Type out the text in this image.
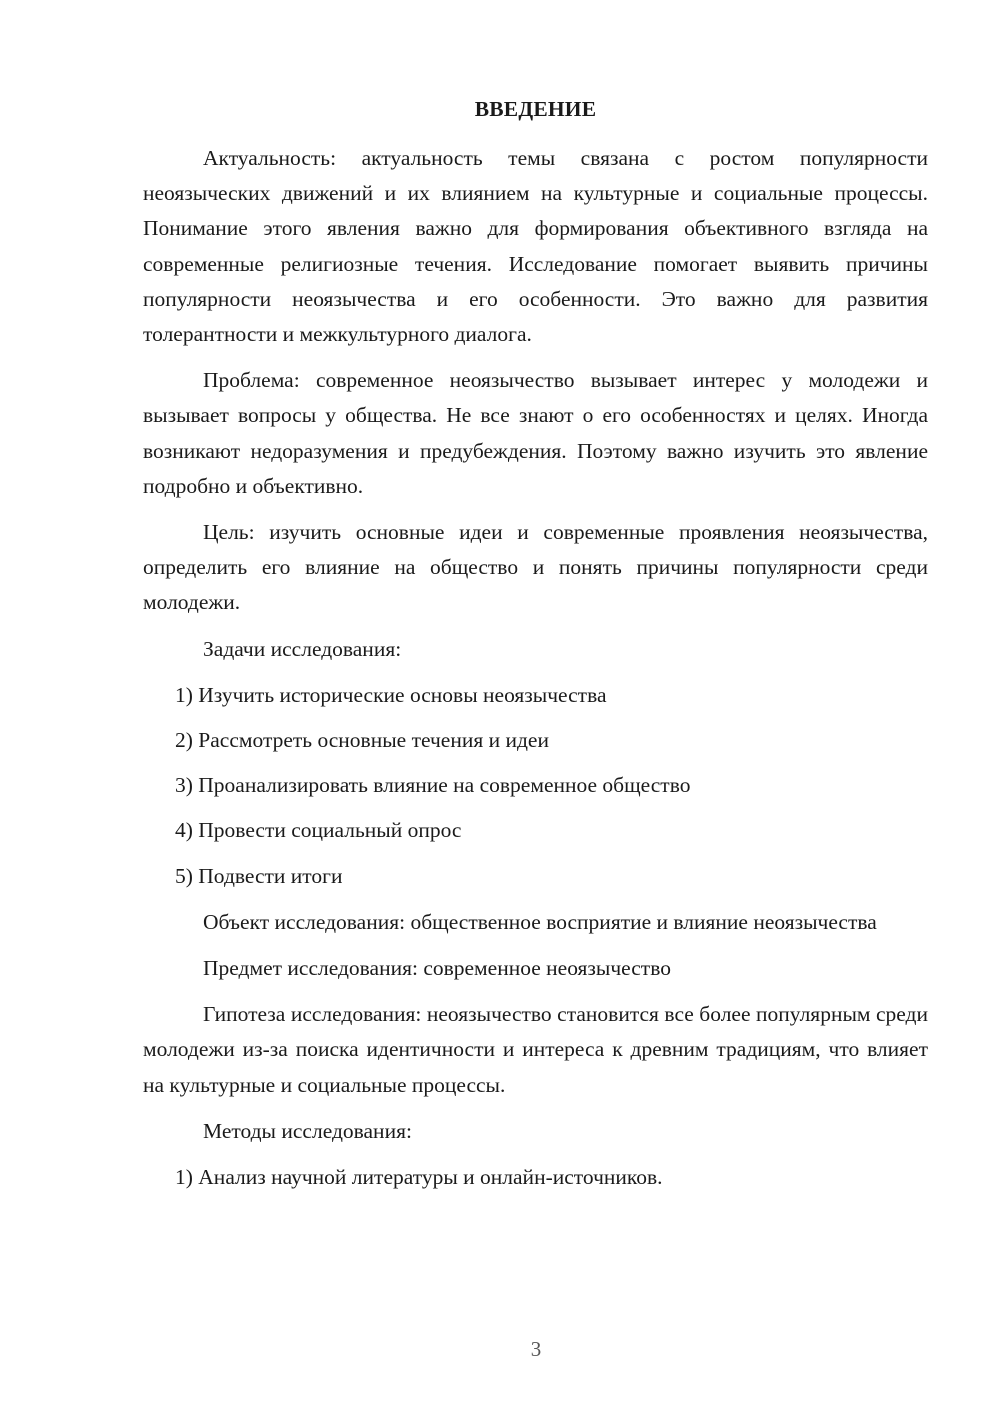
ВВЕДЕНИЕ

Актуальность: актуальность темы связана с ростом популярности неоязыческих движений и их влиянием на культурные и социальные процессы. Понимание этого явления важно для формирования объективного взгляда на современные религиозные течения. Исследование помогает выявить причины популярности неоязычества и его особенности. Это важно для развития толерантности и межкультурного диалога.

Проблема: современное неоязычество вызывает интерес у молодежи и вызывает вопросы у общества. Не все знают о его особенностях и целях. Иногда возникают недоразумения и предубеждения. Поэтому важно изучить это явление подробно и объективно.

Цель: изучить основные идеи и современные проявления неоязычества, определить его влияние на общество и понять причины популярности среди молодежи.

Задачи исследования:

1) Изучить исторические основы неоязычества
2) Рассмотреть основные течения и идеи
3) Проанализировать влияние на современное общество
4) Провести социальный опрос
5) Подвести итоги

Объект исследования: общественное восприятие и влияние неоязычества

Предмет исследования: современное неоязычество

Гипотеза исследования: неоязычество становится все более популярным среди молодежи из-за поиска идентичности и интереса к древним традициям, что влияет на культурные и социальные процессы.

Методы исследования:

1) Анализ научной литературы и онлайн-источников.
3
